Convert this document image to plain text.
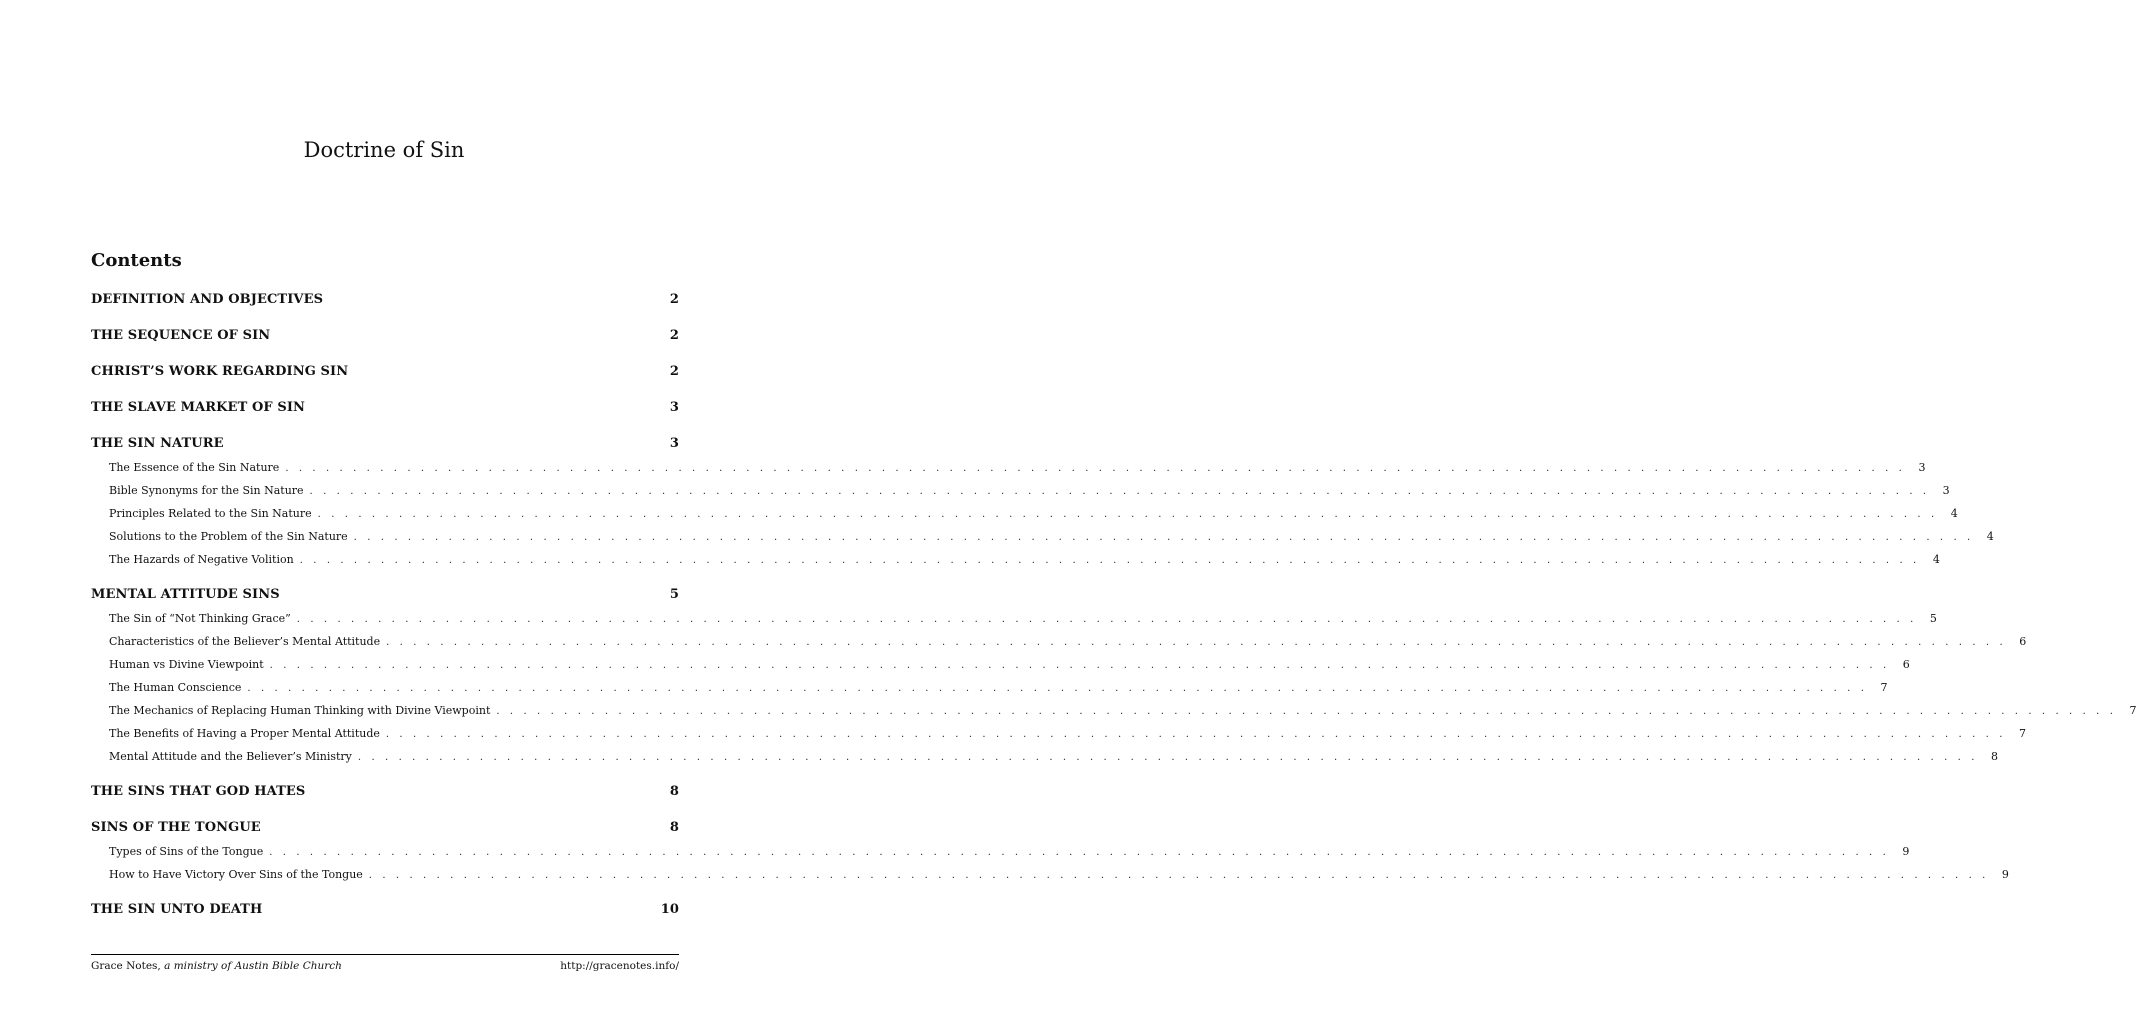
Doctrine of Sin
Contents
DEFINITION AND OBJECTIVES	2
THE SEQUENCE OF SIN	2
CHRIST’S WORK REGARDING SIN	2
THE SLAVE MARKET OF SIN	3
THE SIN NATURE	3
The Essence of the Sin Nature . . . . . . . . . . . . . . . . . . . . . . . . . . . . . . . . . . . . . . . . . . . . . . . . . . . . . . . . . . . . . . . . . . . . . . . . . . . . . . . . . . . . . . . . . . . . . . . . . . . . . . . . . . . . . . . . . . . . . . . .	3
Bible Synonyms for the Sin Nature . . . . . . . . . . . . . . . . . . . . . . . . . . . . . . . . . . . . . . . . . . . . . . . . . . . . . . . . . . . . . . . . . . . . . . . . . . . . . . . . . . . . . . . . . . . . . . . . . . . . . . . . . . . . . . . . . . . . . . . .	3
Principles Related to the Sin Nature . . . . . . . . . . . . . . . . . . . . . . . . . . . . . . . . . . . . . . . . . . . . . . . . . . . . . . . . . . . . . . . . . . . . . . . . . . . . . . . . . . . . . . . . . . . . . . . . . . . . . . . . . . . . . . . . . . . . . . . .	4
Solutions to the Problem of the Sin Nature . . . . . . . . . . . . . . . . . . . . . . . . . . . . . . . . . . . . . . . . . . . . . . . . . . . . . . . . . . . . . . . . . . . . . . . . . . . . . . . . . . . . . . . . . . . . . . . . . . . . . . . . . . . . . . . . . . . . . . . .	4
The Hazards of Negative Volition . . . . . . . . . . . . . . . . . . . . . . . . . . . . . . . . . . . . . . . . . . . . . . . . . . . . . . . . . . . . . . . . . . . . . . . . . . . . . . . . . . . . . . . . . . . . . . . . . . . . . . . . . . . . . . . . . . . . . . . .	4
MENTAL ATTITUDE SINS	5
The Sin of “Not Thinking Grace” . . . . . . . . . . . . . . . . . . . . . . . . . . . . . . . . . . . . . . . . . . . . . . . . . . . . . . . . . . . . . . . . . . . . . . . . . . . . . . . . . . . . . . . . . . . . . . . . . . . . . . . . . . . . . . . . . . . . . . . .	5
Characteristics of the Believer’s Mental Attitude . . . . . . . . . . . . . . . . . . . . . . . . . . . . . . . . . . . . . . . . . . . . . . . . . . . . . . . . . . . . . . . . . . . . . . . . . . . . . . . . . . . . . . . . . . . . . . . . . . . . . . . . . . . . . . . . . . . . . . . .	6
Human vs Divine Viewpoint . . . . . . . . . . . . . . . . . . . . . . . . . . . . . . . . . . . . . . . . . . . . . . . . . . . . . . . . . . . . . . . . . . . . . . . . . . . . . . . . . . . . . . . . . . . . . . . . . . . . . . . . . . . . . . . . . . . . . . . .	6
The Human Conscience . . . . . . . . . . . . . . . . . . . . . . . . . . . . . . . . . . . . . . . . . . . . . . . . . . . . . . . . . . . . . . . . . . . . . . . . . . . . . . . . . . . . . . . . . . . . . . . . . . . . . . . . . . . . . . . . . . . . . . . .	7
The Mechanics of Replacing Human Thinking with Divine Viewpoint . . . . . . . . . . . . . . . . . . . . . . . . . . . . . . . . . . . . . . . . . . . . . . . . . . . . . . . . . . . . . . . . . . . . . . . . . . . . . . . . . . . . . . . . . . . . . . . . . . . . . . . . . . . . . . . . . . . . . . . .	7
The Benefits of Having a Proper Mental Attitude . . . . . . . . . . . . . . . . . . . . . . . . . . . . . . . . . . . . . . . . . . . . . . . . . . . . . . . . . . . . . . . . . . . . . . . . . . . . . . . . . . . . . . . . . . . . . . . . . . . . . . . . . . . . . . . . . . . . . . . .	7
Mental Attitude and the Believer’s Ministry . . . . . . . . . . . . . . . . . . . . . . . . . . . . . . . . . . . . . . . . . . . . . . . . . . . . . . . . . . . . . . . . . . . . . . . . . . . . . . . . . . . . . . . . . . . . . . . . . . . . . . . . . . . . . . . . . . . . . . . .	8
THE SINS THAT GOD HATES	8
SINS OF THE TONGUE	8
Types of Sins of the Tongue . . . . . . . . . . . . . . . . . . . . . . . . . . . . . . . . . . . . . . . . . . . . . . . . . . . . . . . . . . . . . . . . . . . . . . . . . . . . . . . . . . . . . . . . . . . . . . . . . . . . . . . . . . . . . . . . . . . . . . . .	9
How to Have Victory Over Sins of the Tongue . . . . . . . . . . . . . . . . . . . . . . . . . . . . . . . . . . . . . . . . . . . . . . . . . . . . . . . . . . . . . . . . . . . . . . . . . . . . . . . . . . . . . . . . . . . . . . . . . . . . . . . . . . . . . . . . . . . . . . . .	9
THE SIN UNTO DEATH	10
Grace Notes, a ministry of Austin Bible Church	http://gracenotes.info/
